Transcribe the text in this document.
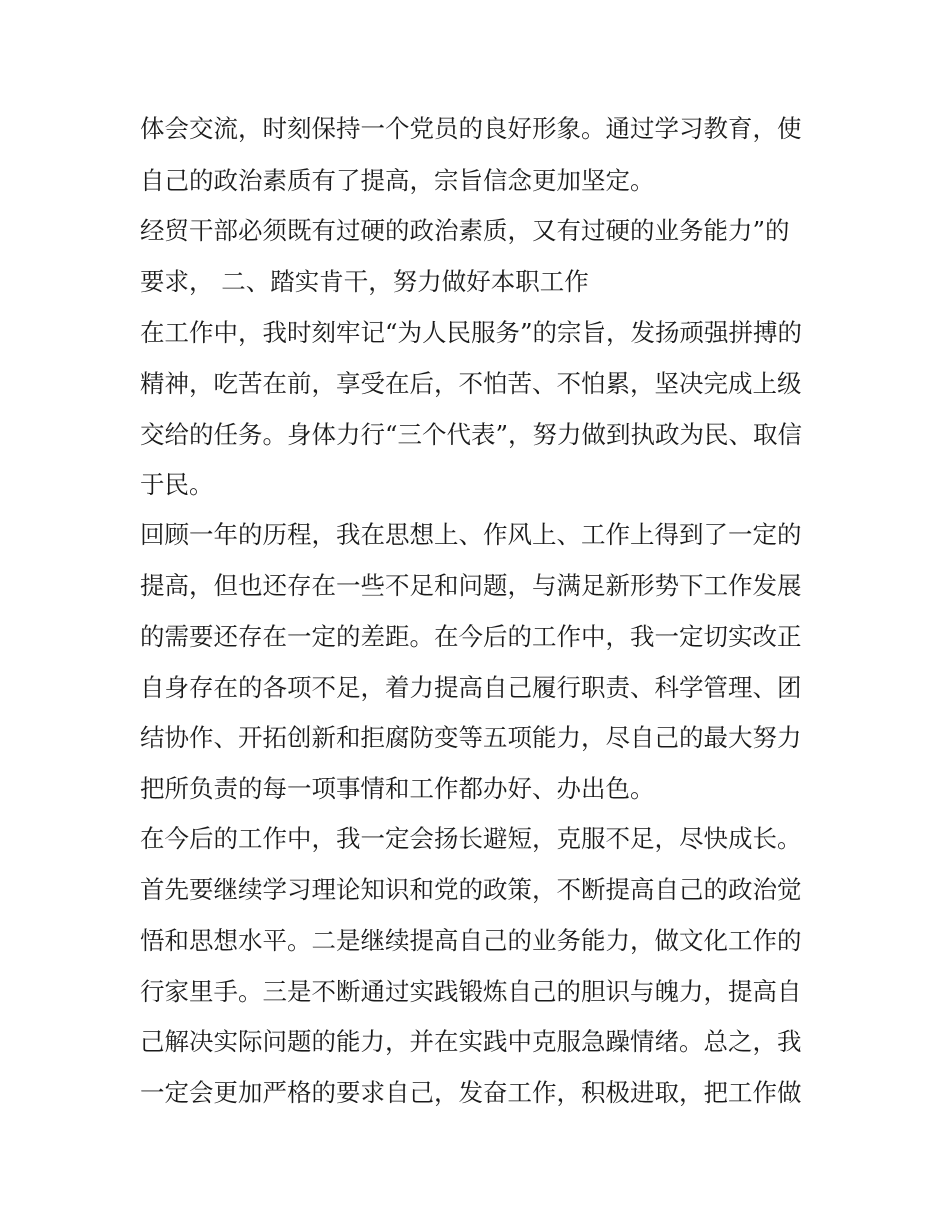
体会交流，时刻保持一个党员的良好形象。通过学习教育，使
自己的政治素质有了提高，宗旨信念更加坚定。
经贸干部必须既有过硬的政治素质，又有过硬的业务能力”的
要求， 二、踏实肯干，努力做好本职工作
在工作中，我时刻牢记“为人民服务”的宗旨，发扬顽强拼搏的
精神，吃苦在前，享受在后，不怕苦、不怕累，坚决完成上级
交给的任务。身体力行“三个代表”，努力做到执政为民、取信
于民。
回顾一年的历程，我在思想上、作风上、工作上得到了一定的
提高，但也还存在一些不足和问题，与满足新形势下工作发展
的需要还存在一定的差距。在今后的工作中，我一定切实改正
自身存在的各项不足，着力提高自己履行职责、科学管理、团
结协作、开拓创新和拒腐防变等五项能力，尽自己的最大努力
把所负责的每一项事情和工作都办好、办出色。
在今后的工作中，我一定会扬长避短，克服不足，尽快成长。
首先要继续学习理论知识和党的政策，不断提高自己的政治觉
悟和思想水平。二是继续提高自己的业务能力，做文化工作的
行家里手。三是不断通过实践锻炼自己的胆识与魄力，提高自
己解决实际问题的能力，并在实践中克服急躁情绪。总之，我
一定会更加严格的要求自己，发奋工作，积极进取，把工作做
